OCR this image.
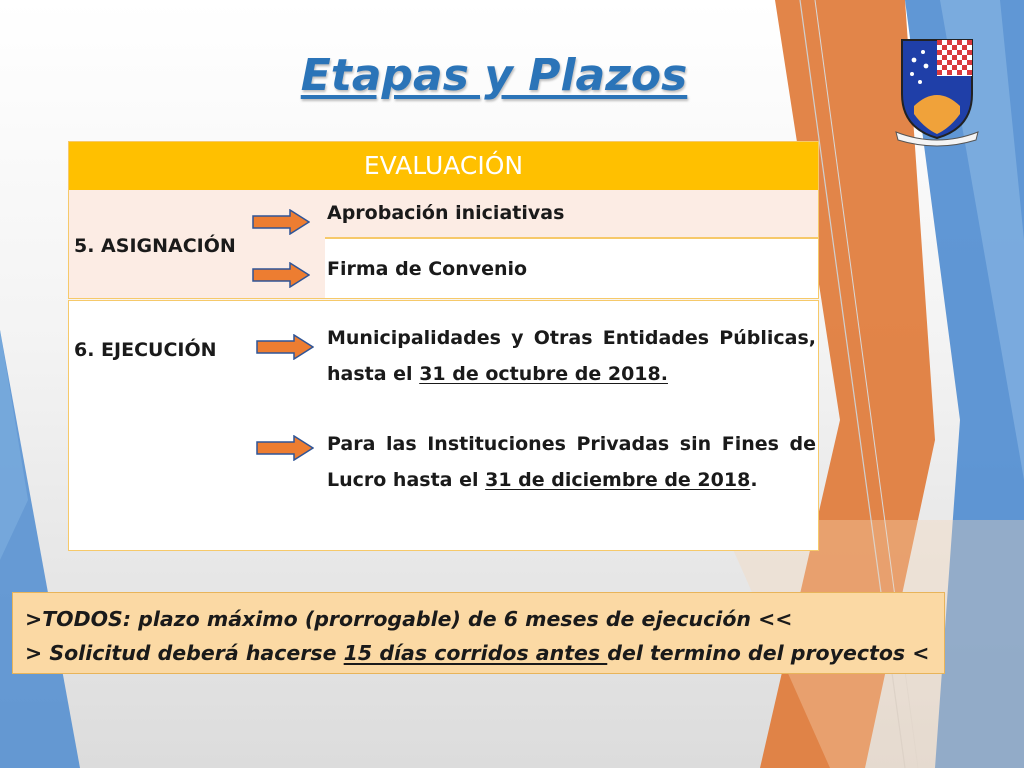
Etapas y Plazos
EVALUACIÓN
5. ASIGNACIÓN
Aprobación iniciativas
Firma de Convenio
6. EJECUCIÓN
Municipalidades y Otras Entidades Públicas, hasta el 31 de octubre de 2018.
Para las Instituciones Privadas sin Fines de Lucro hasta el 31 de diciembre de 2018.
>TODOS: plazo máximo (prorrogable) de 6 meses de ejecución <<
> Solicitud deberá hacerse 15 días corridos antes del termino del proyectos <
